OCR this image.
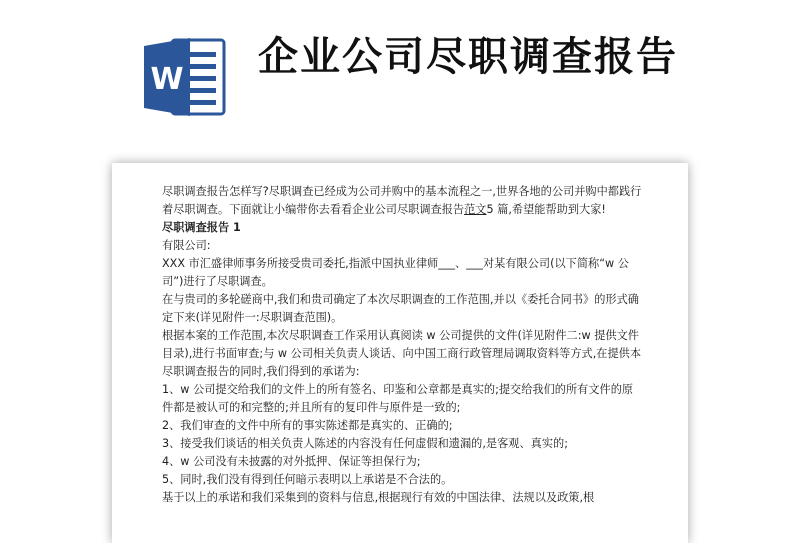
W 企业公司尽职调查报告

尽职调查报告怎样写?尽职调查已经成为公司并购中的基本流程之一,世界各地的公司并购中都践行着尽职调查。下面就让小编带你去看看企业公司尽职调查报告范文5 篇,希望能帮助到大家!

尽职调查报告 1

有限公司:

XXX 市汇盛律师事务所接受贵司委托,指派中国执业律师___、___对某有限公司(以下简称“w 公司”)进行了尽职调查。

在与贵司的多轮磋商中,我们和贵司确定了本次尽职调查的工作范围,并以《委托合同书》的形式确定下来(详见附件一:尽职调查范围)。

根据本案的工作范围,本次尽职调查工作采用认真阅读 w 公司提供的文件(详见附件二:w 提供文件目录),进行书面审查;与 w 公司相关负责人谈话、向中国工商行政管理局调取资料等方式,在提供本尽职调查报告的同时,我们得到的承诺为:

1、w 公司提交给我们的文件上的所有签名、印鉴和公章都是真实的;提交给我们的所有文件的原件都是被认可的和完整的;并且所有的复印件与原件是一致的;

2、我们审查的文件中所有的事实陈述都是真实的、正确的;

3、接受我们谈话的相关负责人陈述的内容没有任何虚假和遗漏的,是客观、真实的;

4、w 公司没有未披露的对外抵押、保证等担保行为;

5、同时,我们没有得到任何暗示表明以上承诺是不合法的。

基于以上的承诺和我们采集到的资料与信息,根据现行有效的中国法律、法规以及政策,根
